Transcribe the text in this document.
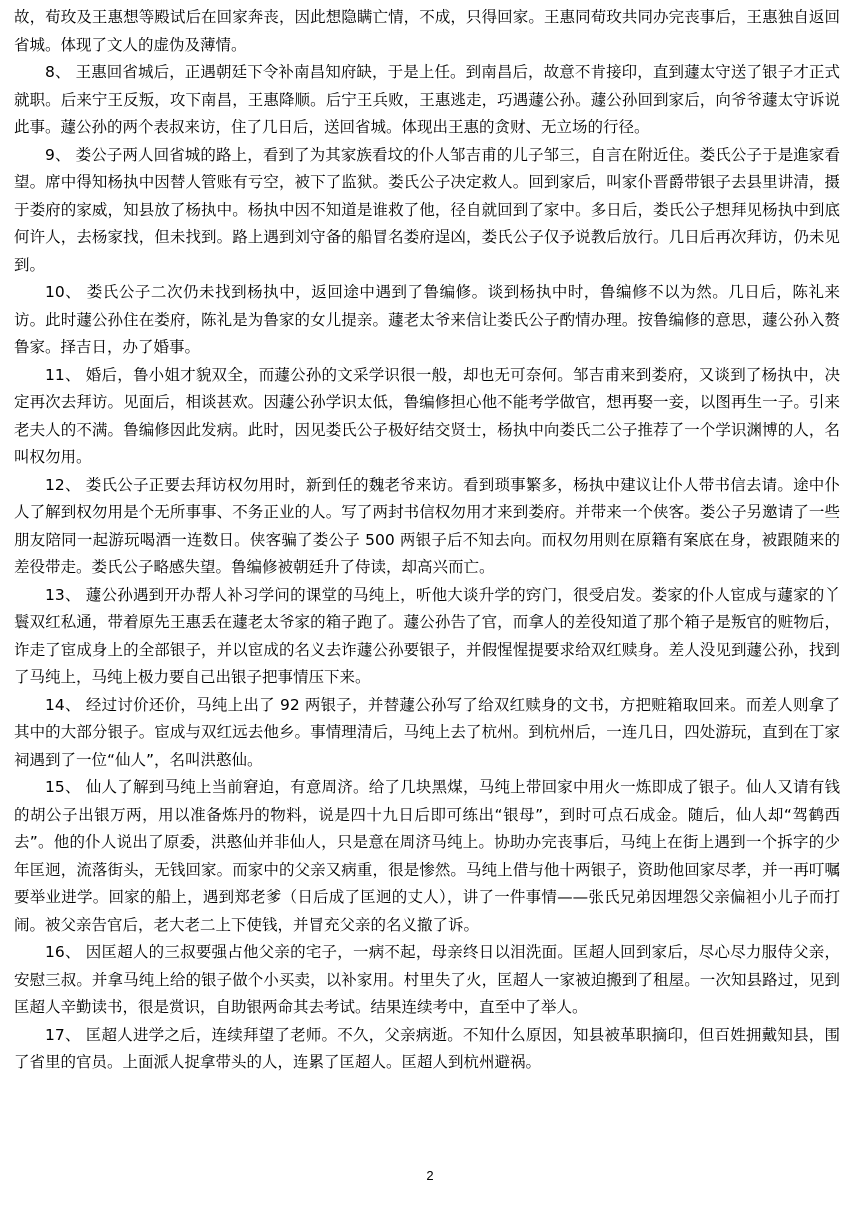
故，荀玫及王惠想等殿试后在回家奔丧，因此想隐瞒亡情，不成，只得回家。王惠同荀玫共同办完丧事后，王惠独自返回省城。体现了文人的虚伪及薄情。

8、 王惠回省城后，正遇朝廷下令补南昌知府缺，于是上任。到南昌后，故意不肯接印，直到蘧太守送了银子才正式就职。后来宁王反叛，攻下南昌，王惠降顺。后宁王兵败，王惠逃走，巧遇蘧公孙。蘧公孙回到家后，向爷爷蘧太守诉说此事。蘧公孙的两个表叔来访，住了几日后，送回省城。体现出王惠的贪财、无立场的行径。

9、 娄公子两人回省城的路上，看到了为其家族看坟的仆人邹吉甫的儿子邹三，自言在附近住。娄氏公子于是進家看望。席中得知杨执中因替人管账有亏空，被下了监狱。娄氏公子决定救人。回到家后，叫家仆晋爵带银子去县里讲清，摄于娄府的家威，知县放了杨执中。杨执中因不知道是谁救了他，径自就回到了家中。多日后，娄氏公子想拜见杨执中到底何许人，去杨家找，但未找到。路上遇到刘守备的船冒名娄府逞凶，娄氏公子仅予说教后放行。几日后再次拜访，仍未见到。

10、 娄氏公子二次仍未找到杨执中，返回途中遇到了鲁编修。谈到杨执中时，鲁编修不以为然。几日后，陈礼来访。此时蘧公孙住在娄府，陈礼是为鲁家的女儿提亲。蘧老太爷来信让娄氏公子酌情办理。按鲁编修的意思，蘧公孙入赘鲁家。择吉日，办了婚事。

11、 婚后，鲁小姐才貌双全，而蘧公孙的文采学识很一般，却也无可奈何。邹吉甫来到娄府，又谈到了杨执中，决定再次去拜访。见面后，相谈甚欢。因蘧公孙学识太低，鲁编修担心他不能考学做官，想再娶一妾，以图再生一子。引来老夫人的不满。鲁编修因此发病。此时，因见娄氏公子极好结交贤士，杨执中向娄氏二公子推荐了一个学识渊博的人，名叫权勿用。

12、 娄氏公子正要去拜访权勿用时，新到任的魏老爷来访。看到琐事繁多，杨执中建议让仆人带书信去请。途中仆人了解到权勿用是个无所事事、不务正业的人。写了两封书信权勿用才来到娄府。并带来一个侠客。娄公子另邀请了一些朋友陪同一起游玩喝酒一连数日。侠客骗了娄公子 500 两银子后不知去向。而权勿用则在原籍有案底在身，被跟随来的差役带走。娄氏公子略感失望。鲁编修被朝廷升了侍读，却高兴而亡。

13、 蘧公孙遇到开办帮人补习学问的课堂的马纯上，听他大谈升学的窍门，很受启发。娄家的仆人宦成与蘧家的丫鬟双红私通，带着原先王惠丢在蘧老太爷家的箱子跑了。蘧公孙告了官，而拿人的差役知道了那个箱子是叛官的赃物后，诈走了宦成身上的全部银子，并以宦成的名义去诈蘧公孙要银子，并假惺惺提要求给双红赎身。差人没见到蘧公孙，找到了马纯上，马纯上极力要自己出银子把事情压下来。

14、 经过讨价还价，马纯上出了 92 两银子，并替蘧公孙写了给双红赎身的文书，方把赃箱取回来。而差人则拿了其中的大部分银子。宦成与双红远去他乡。事情理清后，马纯上去了杭州。到杭州后，一连几日，四处游玩，直到在丁家祠遇到了一位“仙人”，名叫洪憨仙。

15、 仙人了解到马纯上当前窘迫，有意周济。给了几块黑煤，马纯上带回家中用火一炼即成了银子。仙人又请有钱的胡公子出银万两，用以准备炼丹的物料，说是四十九日后即可练出“银母”，到时可点石成金。随后，仙人却“驾鹤西去”。他的仆人说出了原委，洪憨仙并非仙人，只是意在周济马纯上。协助办完丧事后，马纯上在街上遇到一个拆字的少年匡迥，流落街头，无钱回家。而家中的父亲又病重，很是惨然。马纯上借与他十两银子，资助他回家尽孝，并一再叮嘱要举业进学。回家的船上，遇到郑老爹（日后成了匡迥的丈人），讲了一件事情——张氏兄弟因埋怨父亲偏袒小儿子而打闹。被父亲告官后，老大老二上下使钱，并冒充父亲的名义撤了诉。

16、 因匡超人的三叔要强占他父亲的宅子，一病不起，母亲终日以泪洗面。匡超人回到家后，尽心尽力服侍父亲，安慰三叔。并拿马纯上给的银子做个小买卖，以补家用。村里失了火，匡超人一家被迫搬到了租屋。一次知县路过，见到匡超人辛勤读书，很是赏识，自助银两命其去考试。结果连续考中，直至中了举人。

17、 匡超人进学之后，连续拜望了老师。不久，父亲病逝。不知什么原因，知县被革职摘印，但百姓拥戴知县，围了省里的官员。上面派人捉拿带头的人，连累了匡超人。匡超人到杭州避祸。

2
